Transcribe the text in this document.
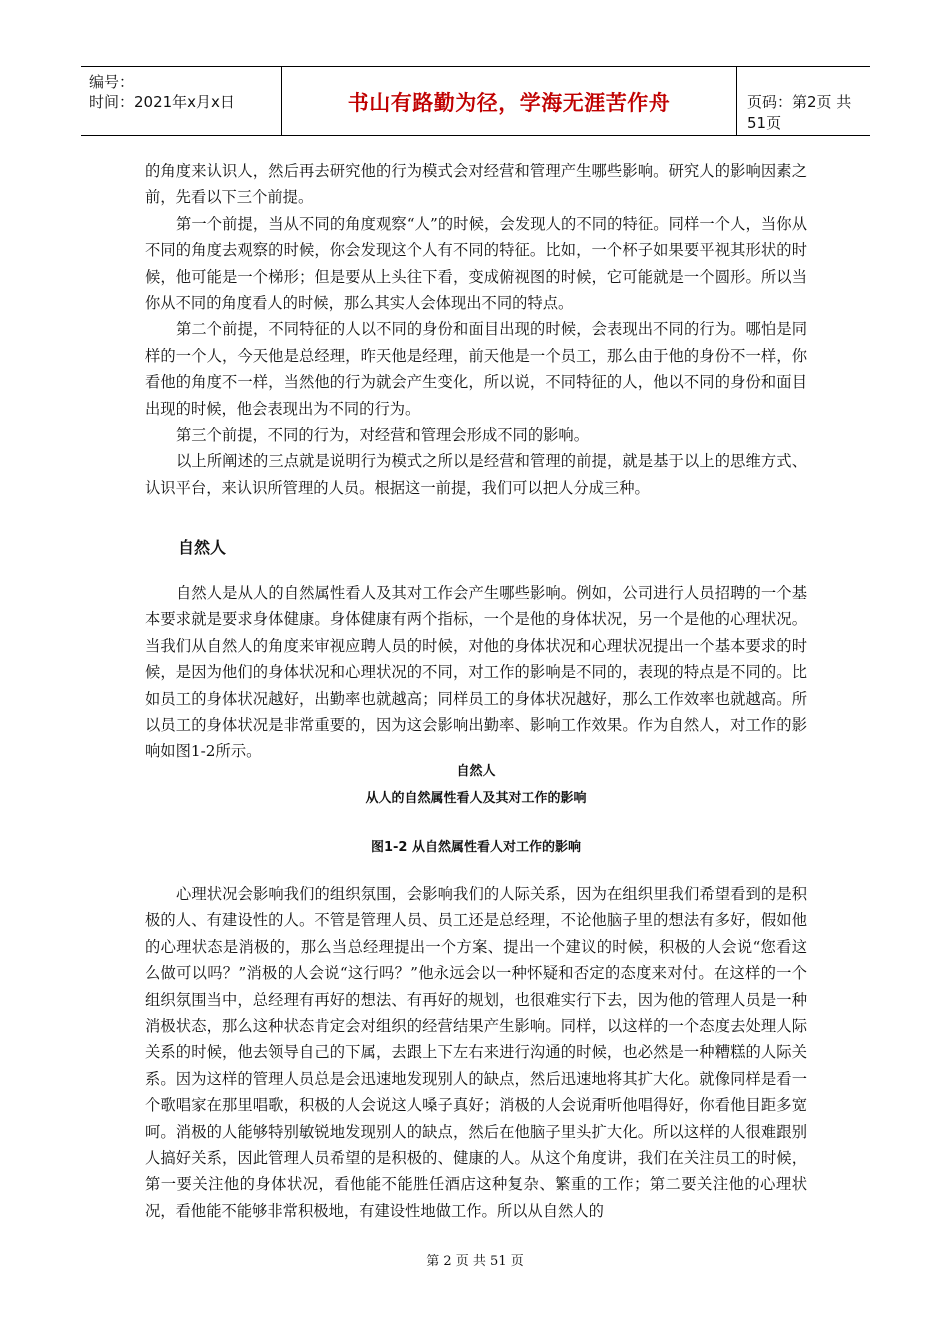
编号：
时间：2021年x月x日	书山有路勤为径，学海无涯苦作舟	页码：第2页 共51页

的角度来认识人，然后再去研究他的行为模式会对经营和管理产生哪些影响。研究人的影响因素之前，先看以下三个前提。

第一个前提，当从不同的角度观察“人”的时候，会发现人的不同的特征。同样一个人，当你从不同的角度去观察的时候，你会发现这个人有不同的特征。比如，一个杯子如果要平视其形状的时候，他可能是一个梯形；但是要从上头往下看，变成俯视图的时候，它可能就是一个圆形。所以当你从不同的角度看人的时候，那么其实人会体现出不同的特点。

第二个前提，不同特征的人以不同的身份和面目出现的时候，会表现出不同的行为。哪怕是同样的一个人，今天他是总经理，昨天他是经理，前天他是一个员工，那么由于他的身份不一样，你看他的角度不一样，当然他的行为就会产生变化，所以说，不同特征的人，他以不同的身份和面目出现的时候，他会表现出为不同的行为。

第三个前提，不同的行为，对经营和管理会形成不同的影响。

以上所阐述的三点就是说明行为模式之所以是经营和管理的前提，就是基于以上的思维方式、认识平台，来认识所管理的人员。根据这一前提，我们可以把人分成三种。

自然人

自然人是从人的自然属性看人及其对工作会产生哪些影响。例如，公司进行人员招聘的一个基本要求就是要求身体健康。身体健康有两个指标，一个是他的身体状况，另一个是他的心理状况。当我们从自然人的角度来审视应聘人员的时候，对他的身体状况和心理状况提出一个基本要求的时候，是因为他们的身体状况和心理状况的不同，对工作的影响是不同的，表现的特点是不同的。比如员工的身体状况越好，出勤率也就越高；同样员工的身体状况越好，那么工作效率也就越高。所以员工的身体状况是非常重要的，因为这会影响出勤率、影响工作效果。作为自然人，对工作的影响如图1-2所示。

自然人
从人的自然属性看人及其对工作的影响
图1-2 从自然属性看人对工作的影响

心理状况会影响我们的组织氛围，会影响我们的人际关系，因为在组织里我们希望看到的是积极的人、有建设性的人。不管是管理人员、员工还是总经理，不论他脑子里的想法有多好，假如他的心理状态是消极的，那么当总经理提出一个方案、提出一个建议的时候，积极的人会说“您看这么做可以吗？”消极的人会说“这行吗？”他永远会以一种怀疑和否定的态度来对付。在这样的一个组织氛围当中，总经理有再好的想法、有再好的规划，也很难实行下去，因为他的管理人员是一种消极状态，那么这种状态肯定会对组织的经营结果产生影响。同样，以这样的一个态度去处理人际关系的时候，他去领导自己的下属，去跟上下左右来进行沟通的时候，也必然是一种糟糕的人际关系。因为这样的管理人员总是会迅速地发现别人的缺点，然后迅速地将其扩大化。就像同样是看一个歌唱家在那里唱歌，积极的人会说这人嗓子真好；消极的人会说甭听他唱得好，你看他目距多宽呵。消极的人能够特别敏锐地发现别人的缺点，然后在他脑子里头扩大化。所以这样的人很难跟别人搞好关系，因此管理人员希望的是积极的、健康的人。从这个角度讲，我们在关注员工的时候，第一要关注他的身体状况，看他能不能胜任酒店这种复杂、繁重的工作；第二要关注他的心理状况，看他能不能够非常积极地，有建设性地做工作。所以从自然人的

第 2 页 共 51 页
